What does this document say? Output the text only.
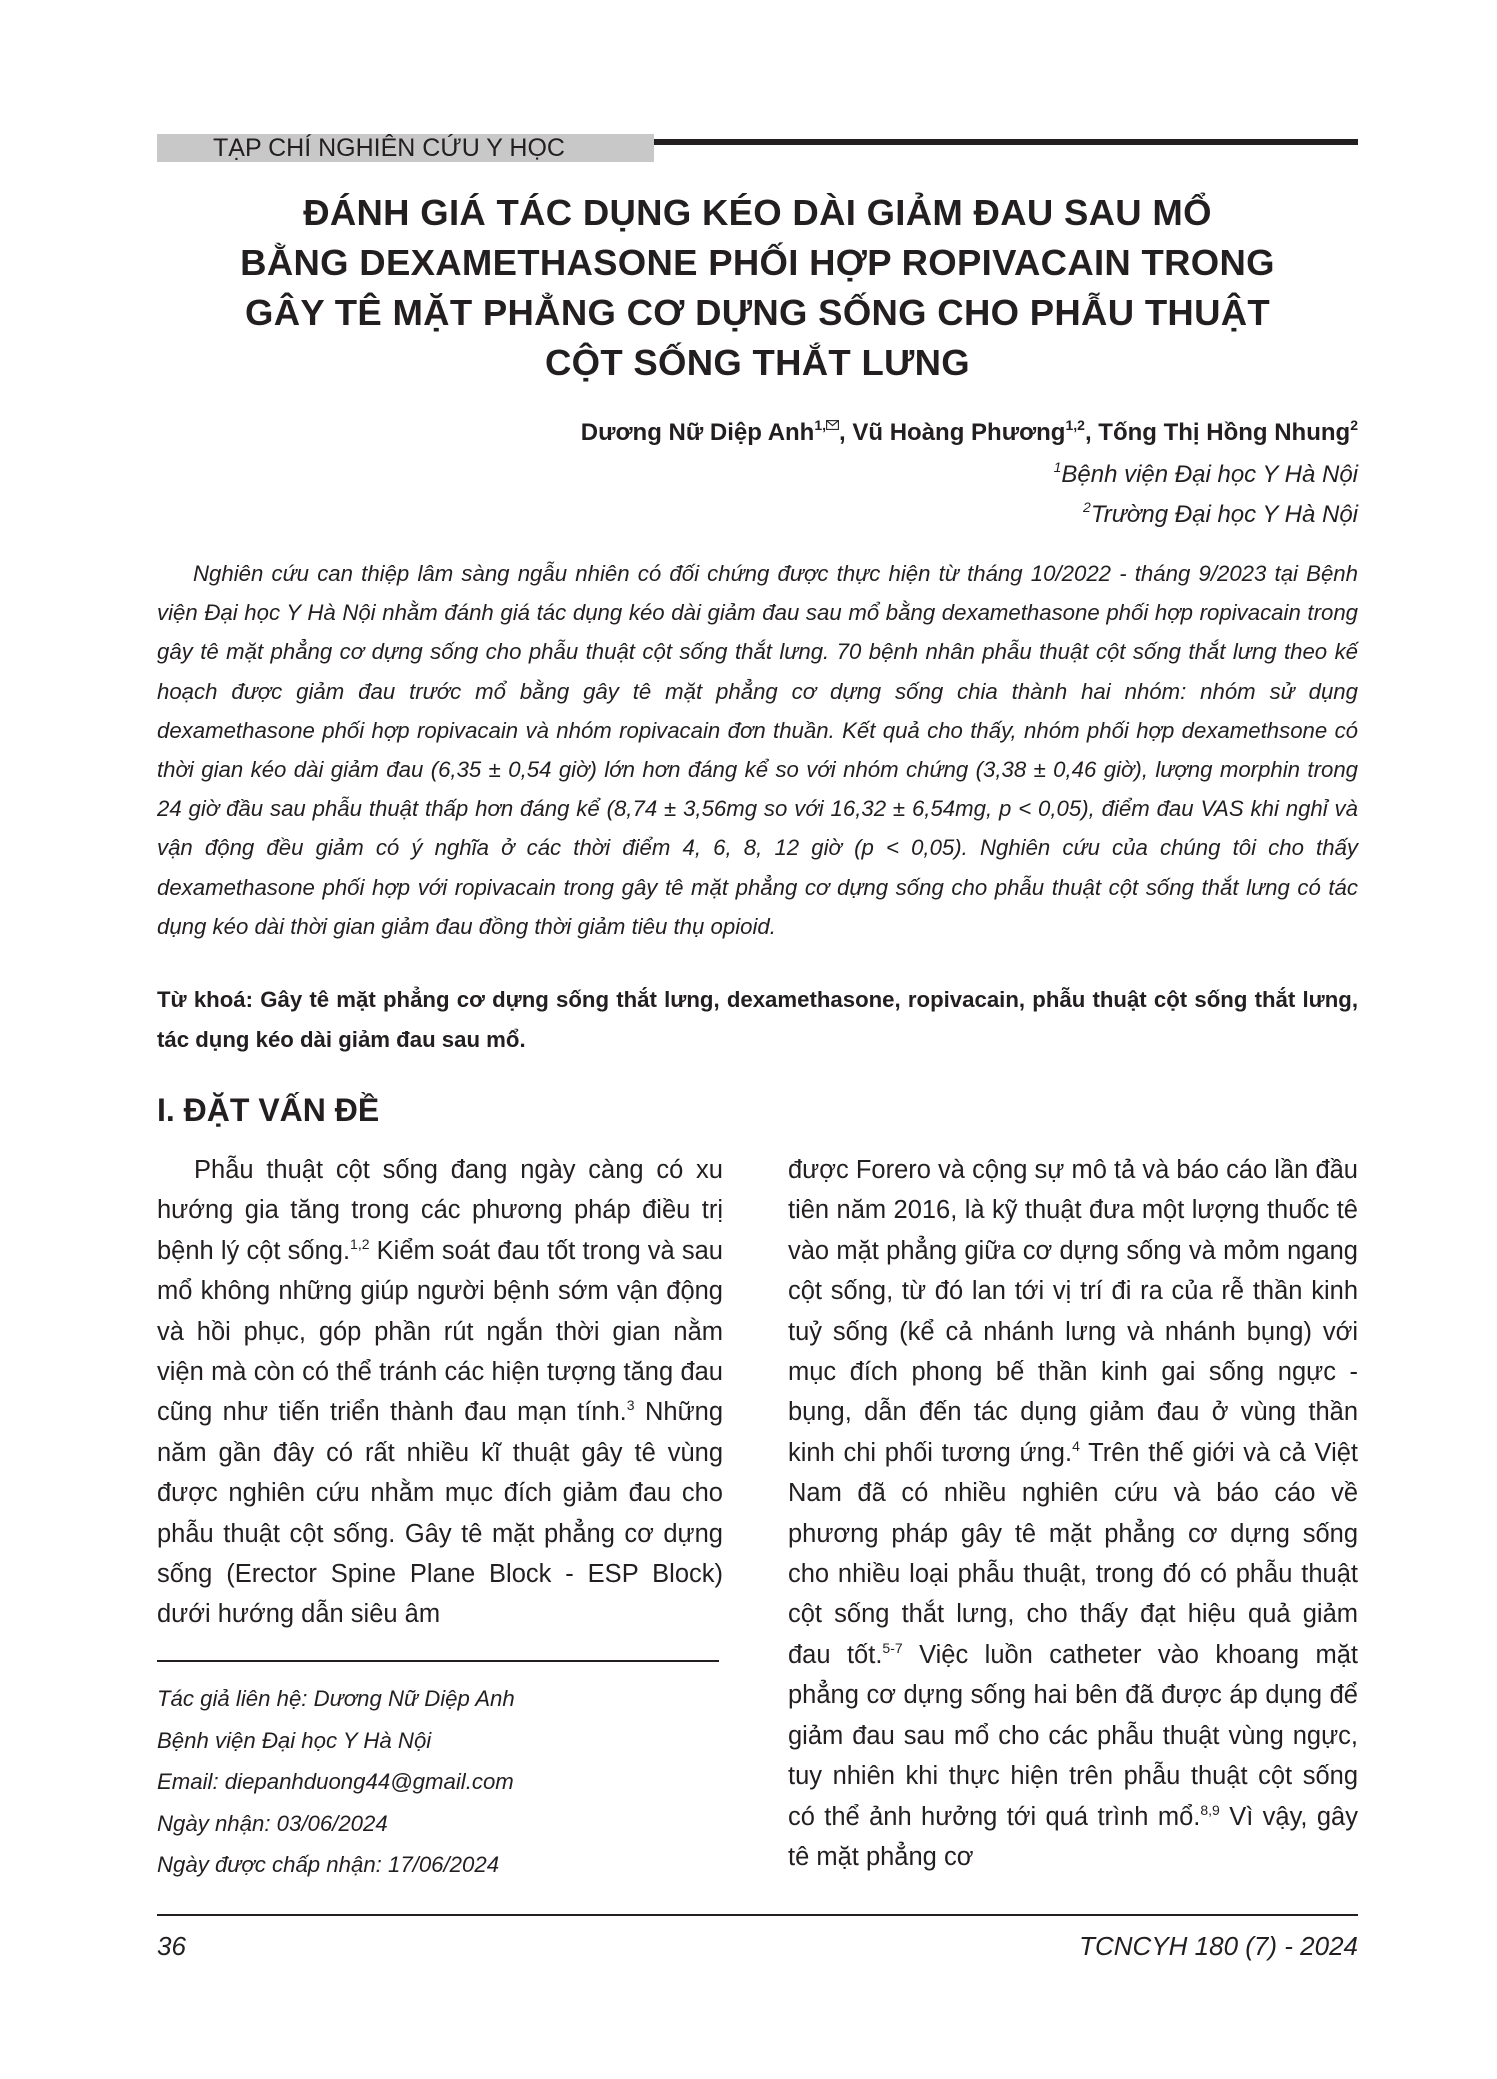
TẠP CHÍ NGHIÊN CỨU Y HỌC
ĐÁNH GIÁ TÁC DỤNG KÉO DÀI GIẢM ĐAU SAU MỔ
BẰNG DEXAMETHASONE PHỐI HỢP ROPIVACAIN TRONG
GÂY TÊ MẶT PHẲNG CƠ DỰNG SỐNG CHO PHẪU THUẬT
CỘT SỐNG THẮT LƯNG
Dương Nữ Diệp Anh$^{1,}$ , Vũ Hoàng Phương$^{1,2}$, Tống Thị Hồng Nhung$^2$
$^1$Bệnh viện Đại học Y Hà Nội
$^2$Trường Đại học Y Hà Nội

Nghiên cứu can thiệp lâm sàng ngẫu nhiên có đối chứng được thực hiện từ tháng 10/2022 - tháng 9/2023 tại Bệnh viện Đại học Y Hà Nội nhằm đánh giá tác dụng kéo dài giảm đau sau mổ bằng dexamethasone phối hợp ropivacain trong gây tê mặt phẳng cơ dựng sống cho phẫu thuật cột sống thắt lưng. 70 bệnh nhân phẫu thuật cột sống thắt lưng theo kế hoạch được giảm đau trước mổ bằng gây tê mặt phẳng cơ dựng sống chia thành hai nhóm: nhóm sử dụng dexamethasone phối hợp ropivacain và nhóm ropivacain đơn thuần. Kết quả cho thấy, nhóm phối hợp dexamethsone có thời gian kéo dài giảm đau (6,35 ± 0,54 giờ) lớn hơn đáng kể so với nhóm chứng (3,38 ± 0,46 giờ), lượng morphin trong 24 giờ đầu sau phẫu thuật thấp hơn đáng kể (8,74 ± 3,56mg so với 16,32 ± 6,54mg, p < 0,05), điểm đau VAS khi nghỉ và vận động đều giảm có ý nghĩa ở các thời điểm 4, 6, 8, 12 giờ (p < 0,05). Nghiên cứu của chúng tôi cho thấy dexamethasone phối hợp với ropivacain trong gây tê mặt phẳng cơ dựng sống cho phẫu thuật cột sống thắt lưng có tác dụng kéo dài thời gian giảm đau đồng thời giảm tiêu thụ opioid.

Từ khoá: Gây tê mặt phẳng cơ dựng sống thắt lưng, dexamethasone, ropivacain, phẫu thuật cột sống thắt lưng, tác dụng kéo dài giảm đau sau mổ.

I. ĐẶT VẤN ĐỀ

Phẫu thuật cột sống đang ngày càng có xu hướng gia tăng trong các phương pháp điều trị bệnh lý cột sống.$^{1,2}$ Kiểm soát đau tốt trong và sau mổ không những giúp người bệnh sớm vận động và hồi phục, góp phần rút ngắn thời gian nằm viện mà còn có thể tránh các hiện tượng tăng đau cũng như tiến triển thành đau mạn tính.$^3$ Những năm gần đây có rất nhiều kĩ thuật gây tê vùng được nghiên cứu nhằm mục đích giảm đau cho phẫu thuật cột sống. Gây tê mặt phẳng cơ dựng sống (Erector Spine Plane Block - ESP Block) dưới hướng dẫn siêu âm

được Forero và cộng sự mô tả và báo cáo lần đầu tiên năm 2016, là kỹ thuật đưa một lượng thuốc tê vào mặt phẳng giữa cơ dựng sống và mỏm ngang cột sống, từ đó lan tới vị trí đi ra của rễ thần kinh tuỷ sống (kể cả nhánh lưng và nhánh bụng) với mục đích phong bế thần kinh gai sống ngực - bụng, dẫn đến tác dụng giảm đau ở vùng thần kinh chi phối tương ứng.$^4$ Trên thế giới và cả Việt Nam đã có nhiều nghiên cứu và báo cáo về phương pháp gây tê mặt phẳng cơ dựng sống cho nhiều loại phẫu thuật, trong đó có phẫu thuật cột sống thắt lưng, cho thấy đạt hiệu quả giảm đau tốt.$^{5-7}$ Việc luồn catheter vào khoang mặt phẳng cơ dựng sống hai bên đã được áp dụng để giảm đau sau mổ cho các phẫu thuật vùng ngực, tuy nhiên khi thực hiện trên phẫu thuật cột sống có thể ảnh hưởng tới quá trình mổ.$^{8,9}$ Vì vậy, gây tê mặt phẳng cơ

Tác giả liên hệ: Dương Nữ Diệp Anh
Bệnh viện Đại học Y Hà Nội
Email: diepanhduong44@gmail.com
Ngày nhận: 03/06/2024
Ngày được chấp nhận: 17/06/2024
36	TCNCYH 180 (7) - 2024
